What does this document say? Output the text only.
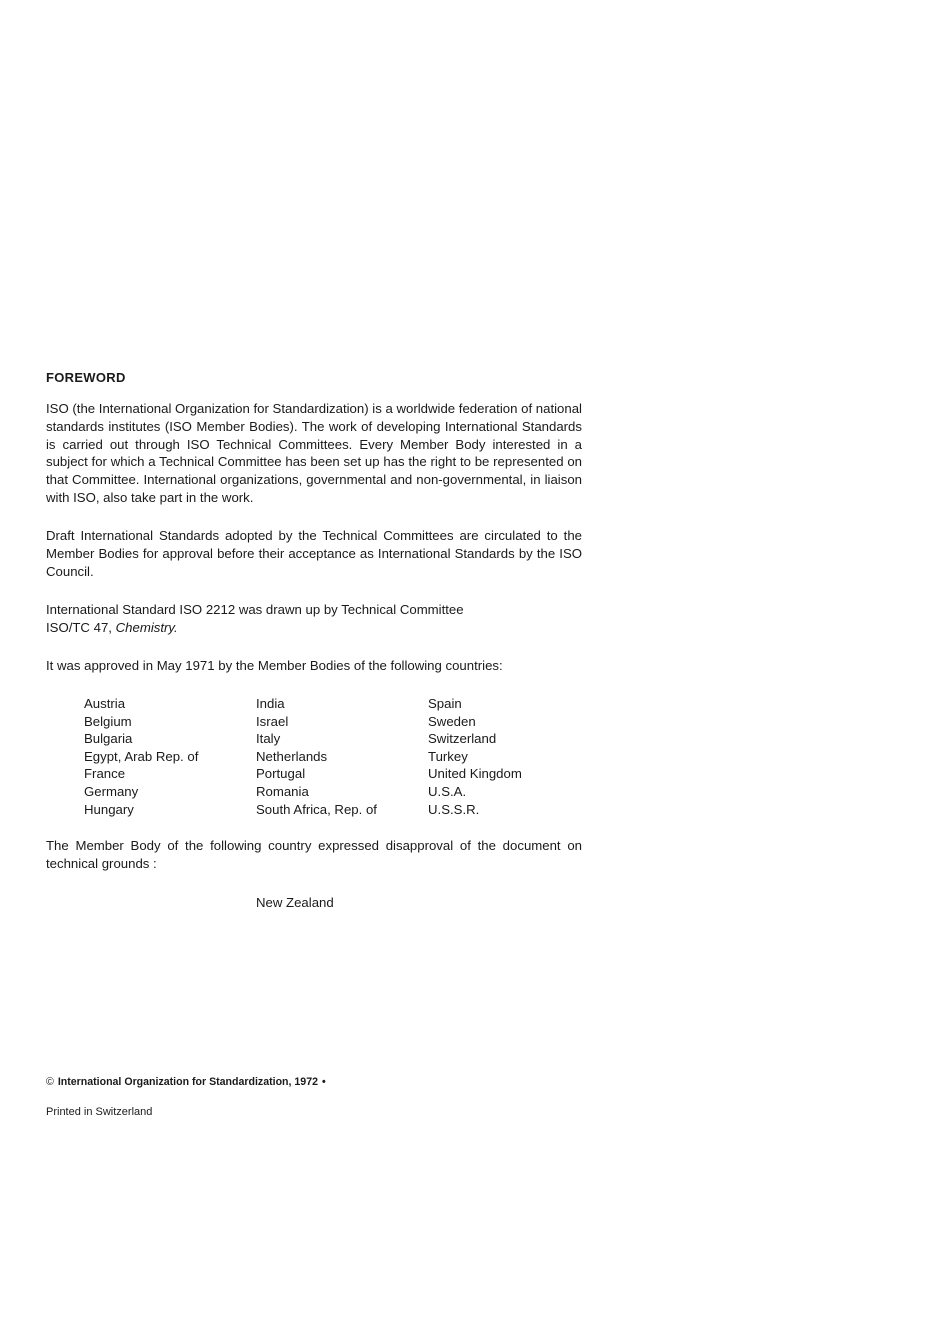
FOREWORD
ISO (the International Organization for Standardization) is a worldwide federation of national standards institutes (ISO Member Bodies). The work of developing International Standards is carried out through ISO Technical Committees. Every Member Body interested in a subject for which a Technical Committee has been set up has the right to be represented on that Committee. International organizations, governmental and non-governmental, in liaison with ISO, also take part in the work.
Draft International Standards adopted by the Technical Committees are circulated to the Member Bodies for approval before their acceptance as International Standards by the ISO Council.
International Standard ISO 2212 was drawn up by Technical Committee
ISO/TC 47, Chemistry.
It was approved in May 1971 by the Member Bodies of the following countries:
Austria
Belgium
Bulgaria
Egypt, Arab Rep. of
France
Germany
Hungary
India
Israel
Italy
Netherlands
Portugal
Romania
South Africa, Rep. of
Spain
Sweden
Switzerland
Turkey
United Kingdom
U.S.A.
U.S.S.R.
The Member Body of the following country expressed disapproval of the document on technical grounds :
New Zealand
© International Organization for Standardization, 1972 •
Printed in Switzerland
